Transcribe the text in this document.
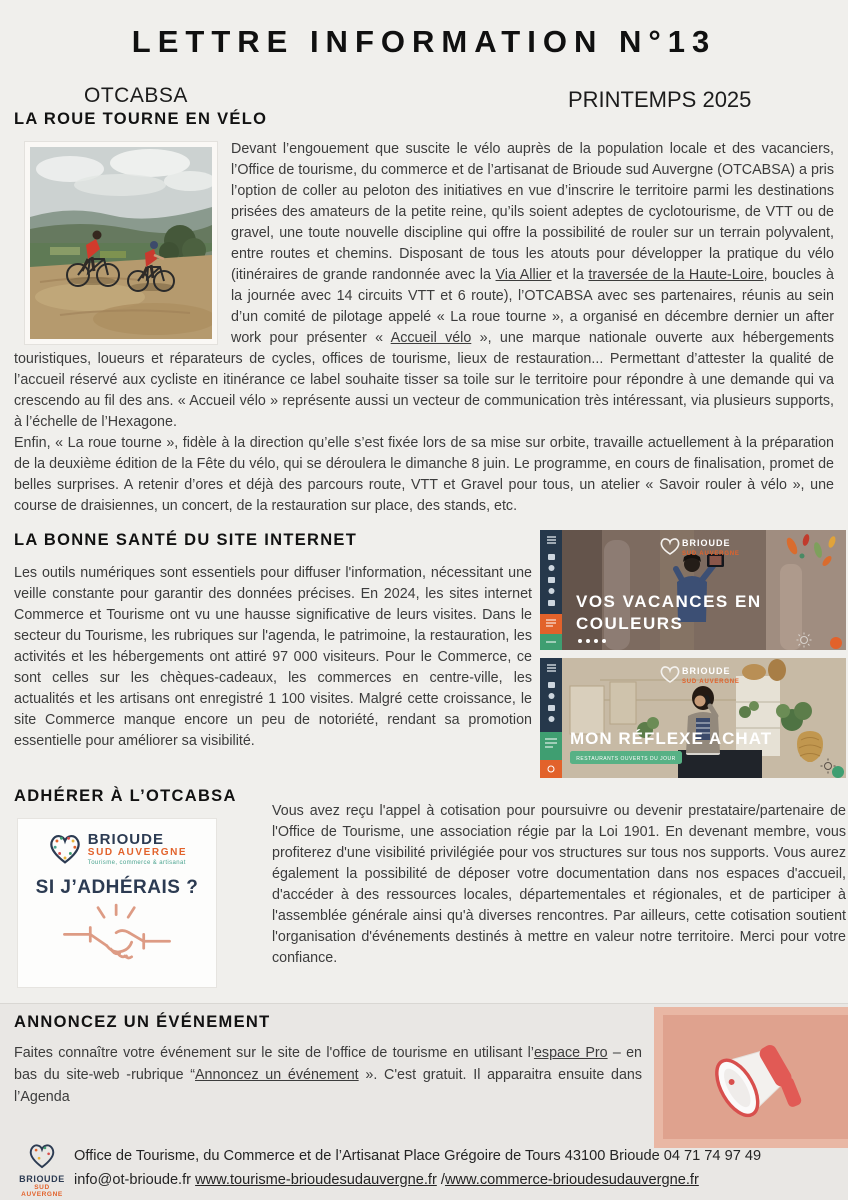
LETTRE INFORMATION N°13
OTCABSA	PRINTEMPS 2025
LA ROUE TOURNE EN VÉLO

Devant l’engouement que suscite le vélo auprès de la population locale et des vacanciers, l’Office de tourisme, du commerce et de l’artisanat de Brioude sud Auvergne (OTCABSA) a pris l’option de coller au peloton des initiatives en vue d’inscrire le territoire parmi les destinations prisées des amateurs de la petite reine, qu’ils soient adeptes de cyclotourisme, de VTT ou de gravel, une toute nouvelle discipline qui offre la possibilité de rouler sur un terrain polyvalent, entre routes et chemins. Disposant de tous les atouts pour développer la pratique du vélo (itinéraires de grande randonnée avec la Via Allier et la traversée de la Haute-Loire, boucles à la journée avec 14 circuits VTT et 6 route), l’OTCABSA avec ses partenaires, réunis au sein d’un comité de pilotage appelé « La roue tourne », a organisé en décembre dernier un after work pour présenter « Accueil vélo », une marque nationale ouverte aux hébergements touristiques, loueurs et réparateurs de cycles, offices de tourisme, lieux de restauration... Permettant d’attester la qualité de l’accueil réservé aux cycliste en itinérance ce label souhaite tisser sa toile sur le territoire pour répondre à une demande qui va crescendo au fil des ans. « Accueil vélo » représente aussi un vecteur de communication très intéressant, via plusieurs supports, à l’échelle de l’Hexagone.

Enfin, « La roue tourne », fidèle à la direction qu’elle s’est fixée lors de sa mise sur orbite, travaille actuellement à la préparation de la deuxième édition de la Fête du vélo, qui se déroulera le dimanche 8 juin. Le programme, en cours de finalisation, promet de belles surprises. A retenir d’ores et déjà des parcours route, VTT et Gravel pour tous, un atelier « Savoir rouler à vélo », une course de draisiennes, un concert, de la restauration sur place, des stands, etc.

LA BONNE SANTÉ DU SITE INTERNET
Les outils numériques sont essentiels pour diffuser l'information, nécessitant une veille constante pour garantir des données précises. En 2024, les sites internet Commerce et Tourisme ont vu une hausse significative de leurs visites. Dans le secteur du Tourisme, les rubriques sur l'agenda, le patrimoine, la restauration, les activités et les hébergements ont attiré 97 000 visiteurs. Pour le Commerce, ce sont celles sur les chèques-cadeaux, les commerces en centre-ville, les actualités et les artisans ont enregistré 1 100 visites. Malgré cette croissance, le site Commerce manque encore un peu de notoriété, rendant sa promotion essentielle pour améliorer sa visibilité.
BRIOUDE
SUD AUVERGNE
VOS VACANCES EN
COULEURS
BRIOUDE
SUD AUVERGNE
MON RÉFLEXE ACHAT
RESTAURANTS OUVERTS DU JOUR
ADHÉRER À L’OTCABSA
BRIOUDE
SUD AUVERGNE
Tourisme, commerce & artisanat
SI J’ADHÉRAIS ?
Vous avez reçu l'appel à cotisation pour poursuivre ou devenir prestataire/partenaire de l'Office de Tourisme, une association régie par la Loi 1901. En devenant membre, vous profiterez d'une visibilité privilégiée pour vos structures sur tous nos supports. Vous aurez également la possibilité de déposer votre documentation dans nos espaces d'accueil, d'accéder à des ressources locales, départementales et régionales, et de participer à l'assemblée générale ainsi qu'à diverses rencontres. Par ailleurs, cette cotisation soutient l'organisation d'événements destinés à mettre en valeur notre territoire. Merci pour votre confiance.
ANNONCEZ UN ÉVÉNEMENT
Faites connaître votre événement sur le site de l'office de tourisme en utilisant l’espace Pro – en bas du site-web -rubrique “Annoncez un événement ». C'est gratuit. Il apparaitra ensuite dans l’Agenda
BRIOUDE
SUD AUVERGNE
Office de Tourisme, du Commerce et de l’Artisanat Place Grégoire de Tours 43100 Brioude 04 71 74 97 49
info@ot-brioude.fr www.tourisme-brioudesudauvergne.fr /www.commerce-brioudesudauvergne.fr
